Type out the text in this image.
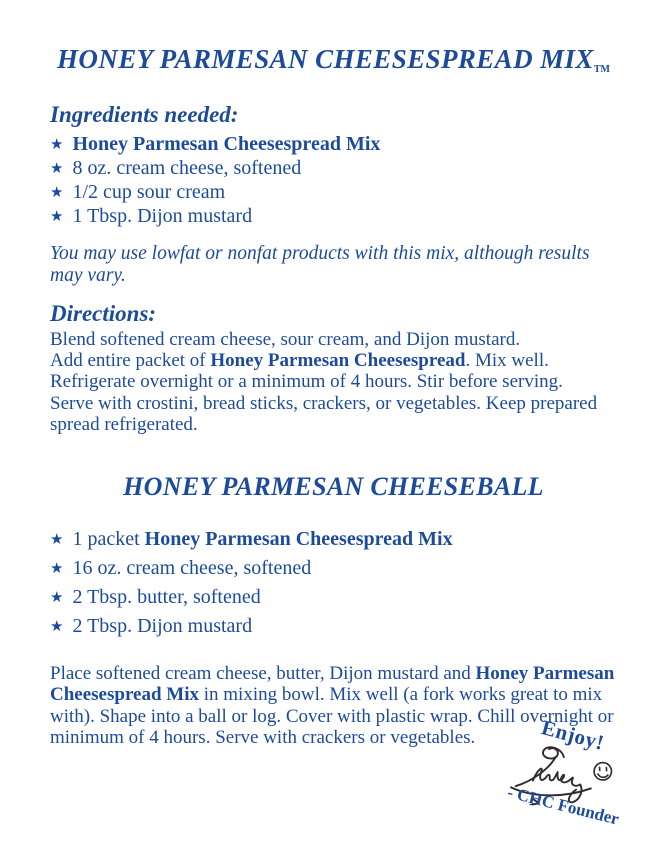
HONEY PARMESAN CHEESESPREAD MIXTM
Ingredients needed:
★ Honey Parmesan Cheesespread Mix
★ 8 oz. cream cheese, softened
★ 1/2 cup sour cream
★ 1 Tbsp. Dijon mustard

You may use lowfat or nonfat products with this mix, although results may vary.

Directions:

Blend softened cream cheese, sour cream, and Dijon mustard.
Add entire packet of Honey Parmesan Cheesespread. Mix well.
Refrigerate overnight or a minimum of 4 hours. Stir before serving.
Serve with crostini, bread sticks, crackers, or vegetables. Keep prepared spread refrigerated.

HONEY PARMESAN CHEESEBALL
★ 1 packet Honey Parmesan Cheesespread Mix
★ 16 oz. cream cheese, softened
★ 2 Tbsp. butter, softened
★ 2 Tbsp. Dijon mustard

Place softened cream cheese, butter, Dijon mustard and Honey Parmesan Cheesespread Mix in mixing bowl. Mix well (a fork works great to mix with). Shape into a ball or log. Cover with plastic wrap. Chill overnight or minimum of 4 hours. Serve with crackers or vegetables.	Enjoy!
- CHC Founder
